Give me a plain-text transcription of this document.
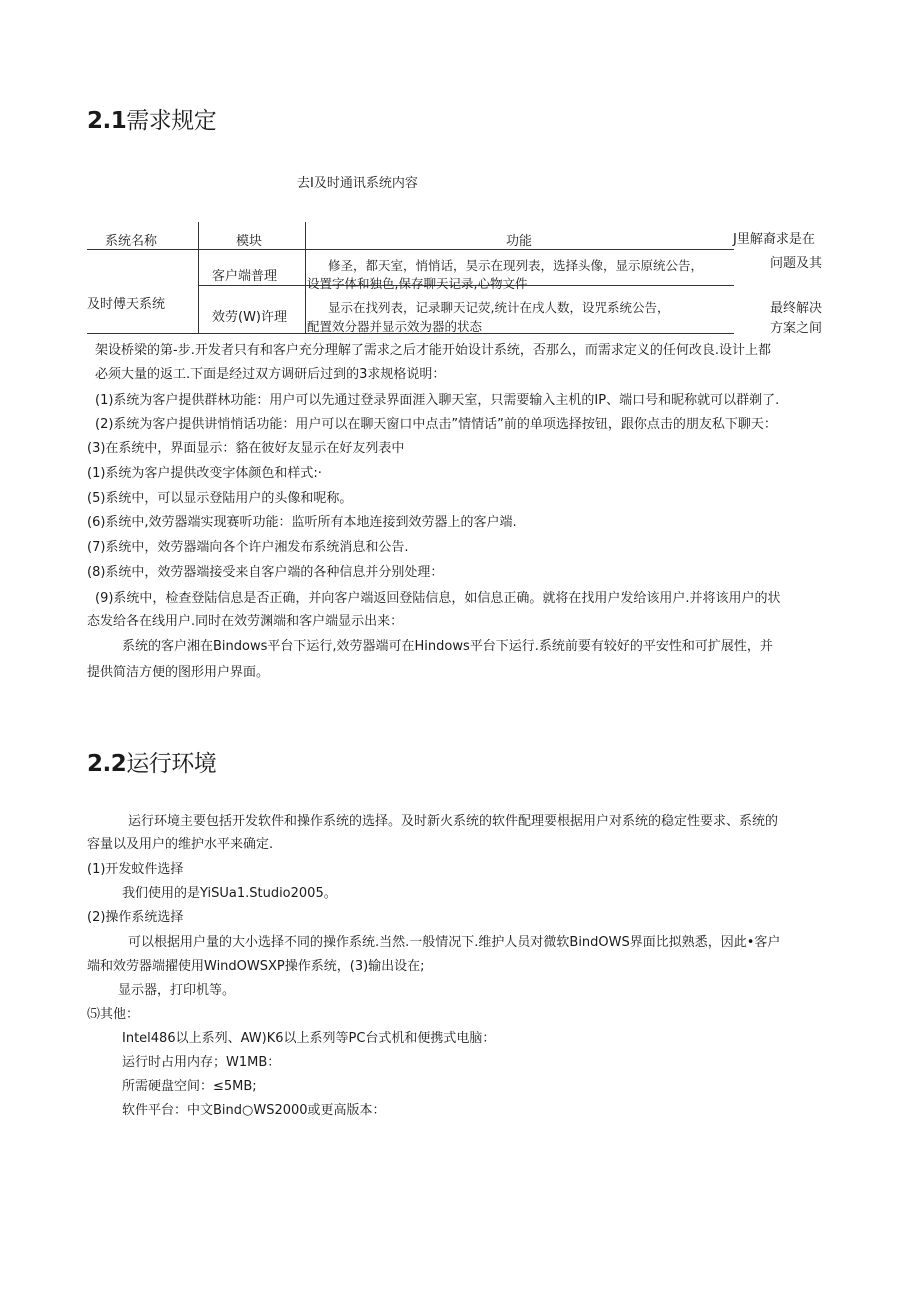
2.1需求规定
去I及时通讯系统内容
系统名称	模块	功能
及时傅天系统
客户端普理
修圣，都天室，悄悄话，昊示在现列表，选择头像，显示原统公告，
设置字体和独色,保存聊天记录,心物文件
效劳(W)许理
显示在找列表，记录聊天记荧,统计在戌人数，设咒系统公告，
配置效分器并显示效为器的状态
J里解裔求是在
问题及其
最终解决
方案之间
架设桥梁的第-步.开发者只有和客户充分理解了需求之后才能开始设计系统，否那么，而需求定义的任何改良.设计上都
必须大量的返工.下面是经过双方调研后过到的3求规格说明：
(1)系统为客户提供群林功能：用户可以先通过登录界面涯入聊天室，只需要输入主机的IP、端口号和昵称就可以群剃了.
(2)系统为客户提供讲悄悄话功能：用户可以在聊天窗口中点击”情情话”前的单项选择按钮，跟你点击的朋友私下聊天：
(3)在系统中，界面显示：貉在彼好友显示在好友列表中
(1)系统为客户提供改变字体颜色和样式:·
(5)系统中，可以显示登陆用户的头像和呢称。
(6)系统中,效劳器端实现赛听功能：监听所有本地连接到效劳器上的客户端.
(7)系统中，效劳器端向各个许户湘发布系统消息和公告.
(8)系统中，效劳器端接受来自客户端的各种信息并分别处理：
(9)系统中，检查登陆信息是否正确，并向客户端返回登陆信息，如信息正确。就将在找用户发给该用户.并将该用户的状
态发给各在线用户.同时在效劳渊端和客户端显示出来：
系统的客户湘在Bindows平台下运行,效劳器端可在Hindows平台下运行.系统前要有较好的平安性和可扩展性，并
提供简洁方便的图形用户界面。
2.2运行环境
运行环境主要包括开发软件和操作系统的选择。及时新火系统的软件配理要根据用户对系统的稳定性要求、系统的
容量以及用户的维护水平来确定.
(1)开发蚊件选择
我们使用的是YiSUa1.Studio2005。
(2)操作系统选择
可以根据用户量的大小选择不同的操作系统.当然.一般情况下.维护人员对微软BindOWS界面比拟熟悉，因此•客户
端和效劳器端擢使用WindOWSXP操作系统，(3)输出设在;
显示器，打印机等。
⑸其他：
Intel486以上系列、AW)K6以上系列等PC台式机和便携式电脑：
运行时占用内存；W1MB：
所需硬盘空间：≤5MB;
软件平台：中文Bind○WS2000或更高版本：
